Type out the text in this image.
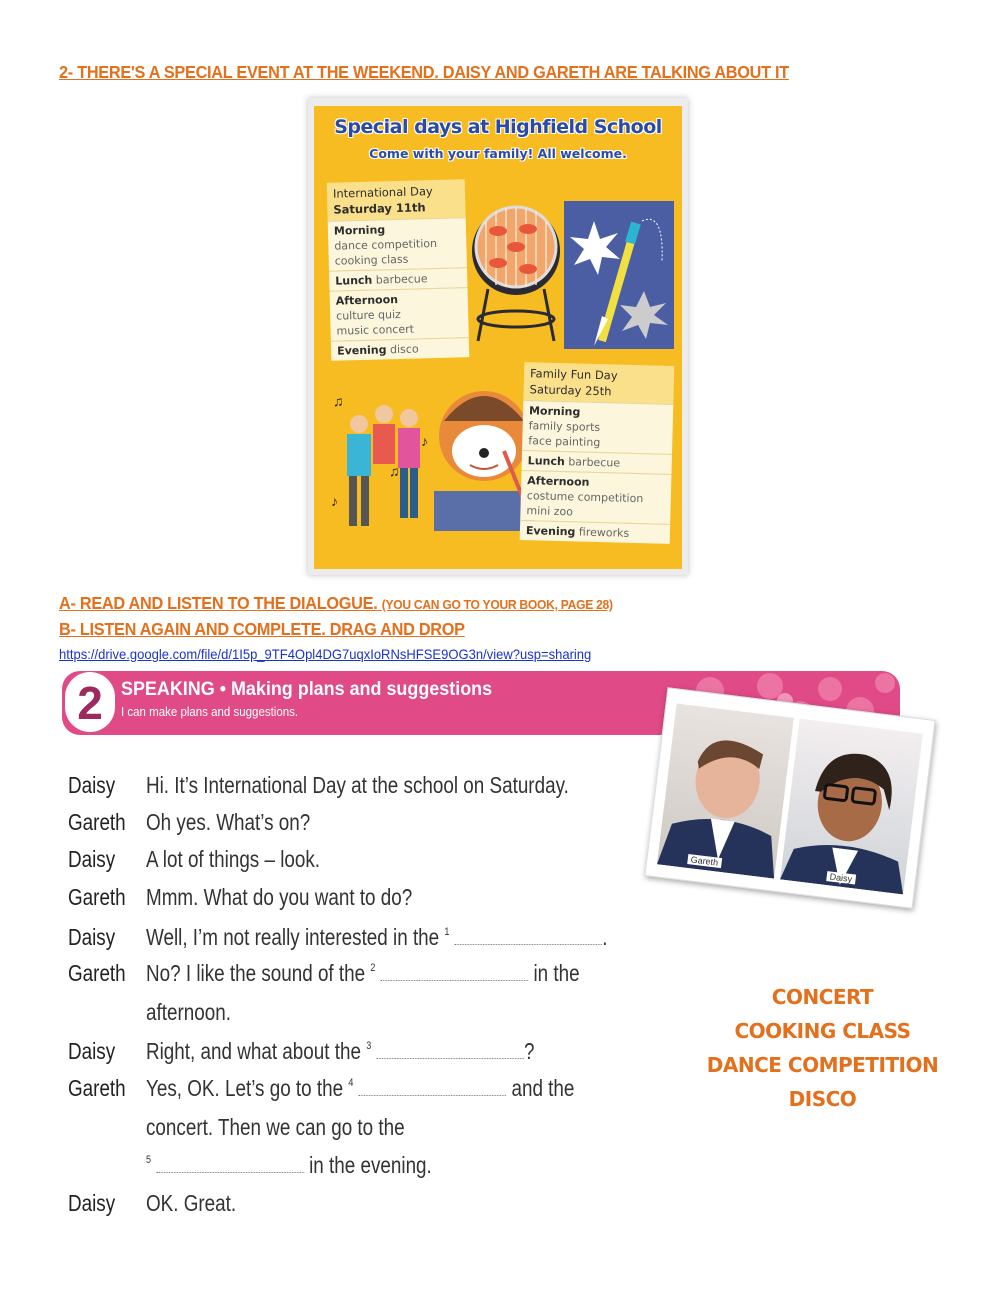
2- THERE'S A SPECIAL EVENT AT THE WEEKEND. DAISY AND GARETH ARE TALKING ABOUT IT
Special days at Highfield School
Come with your family! All welcome.
International Day
Saturday 11th
Morning
dance competition
cooking class
Lunch barbecue
Afternoon
culture quiz
music concert
Evening disco
♫
♪
♫
♪
Family Fun Day
Saturday 25th
Morning
family sports
face painting
Lunch barbecue
Afternoon
costume competition
mini zoo
Evening fireworks
A- READ AND LISTEN TO THE DIALOGUE. (YOU CAN GO TO YOUR BOOK, PAGE 28)
B- LISTEN AGAIN AND COMPLETE. DRAG AND DROP
https://drive.google.com/file/d/1I5p_9TF4Opl4DG7uqxIoRNsHFSE9OG3n/view?usp=sharing
2 SPEAKING • Making plans and suggestions
I can make plans and suggestions.
Gareth
Daisy
Daisy Hi. It’s International Day at the school on Saturday.
Gareth Oh yes. What’s on?
Daisy A lot of things – look.
Gareth Mmm. What do you want to do?
Daisy Well, I’m not really interested in the $^1$	.
Gareth No? I like the sound of the $^2$	in the
afternoon.
Daisy Right, and what about the $^3$	?
Gareth Yes, OK. Let’s go to the $^4$	and the
concert. Then we can go to the
$^5$	in the evening.
Daisy OK. Great.
CONCERT
COOKING CLASS
DANCE COMPETITION
DISCO
